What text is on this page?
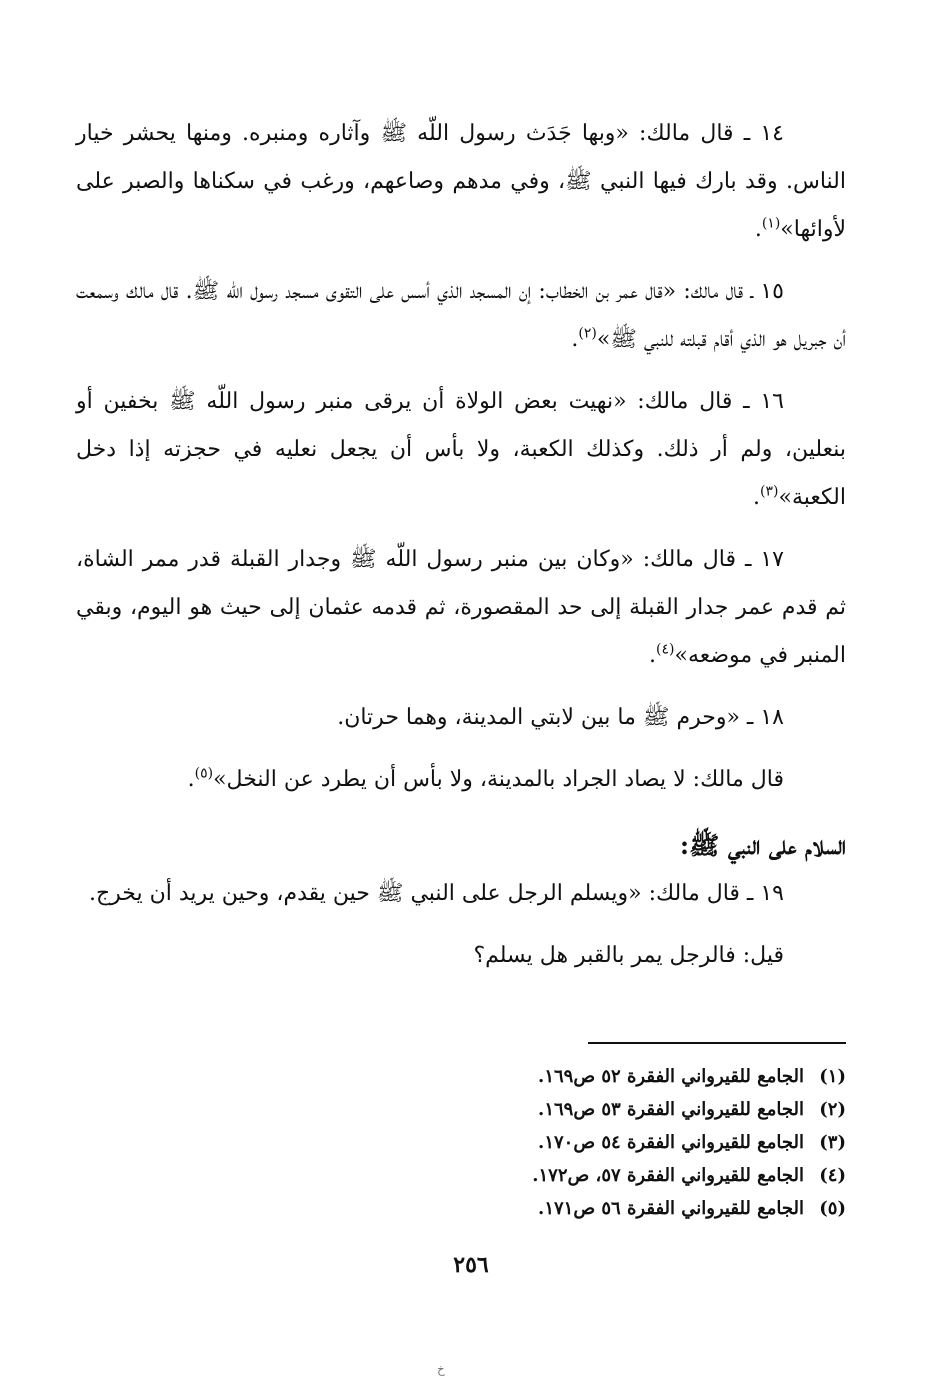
١٤ ـ قال مالك: «وبها جَدَث رسول اللّه ﷺ وآثاره ومنبره. ومنها يحشر خيار الناس. وقد بارك فيها النبي ﷺ، وفي مدهم وصاعهم، ورغب في سكناها والصبر على لأوائها»$^{(١)}$.

١٥ ـ قال مالك: «قال عمر بن الخطاب: إن المسجد الذي أسس على التقوى مسجد رسول اللّه ﷺ. قال مالك وسمعت أن جبريل هو الذي أقام قبلته للنبي ﷺ»$^{(٢)}$.

١٦ ـ قال مالك: «نهيت بعض الولاة أن يرقى منبر رسول اللّه ﷺ بخفين أو بنعلين، ولم أر ذلك. وكذلك الكعبة، ولا بأس أن يجعل نعليه في حجزته إذا دخل الكعبة»$^{(٣)}$.

١٧ ـ قال مالك: «وكان بين منبر رسول اللّه ﷺ وجدار القبلة قدر ممر الشاة، ثم قدم عمر جدار القبلة إلى حد المقصورة، ثم قدمه عثمان إلى حيث هو اليوم، وبقي المنبر في موضعه»$^{(٤)}$.

١٨ ـ «وحرم ﷺ ما بين لابتي المدينة، وهما حرتان.

قال مالك: لا يصاد الجراد بالمدينة، ولا بأس أن يطرد عن النخل»$^{(٥)}$.

السلام على النبي ﷺ:

١٩ ـ قال مالك: «ويسلم الرجل على النبي ﷺ حين يقدم، وحين يريد أن يخرج.

قيل: فالرجل يمر بالقبر هل يسلم؟

(١)
الجامع للقيرواني الفقرة ٥٢ ص١٦٩.
(٢)
الجامع للقيرواني الفقرة ٥٣ ص١٦٩.
(٣)
الجامع للقيرواني الفقرة ٥٤ ص١٧٠.
(٤)
الجامع للقيرواني الفقرة ٥٧، ص١٧٢.
(٥)
الجامع للقيرواني الفقرة ٥٦ ص١٧١.
٢٥٦
خ
